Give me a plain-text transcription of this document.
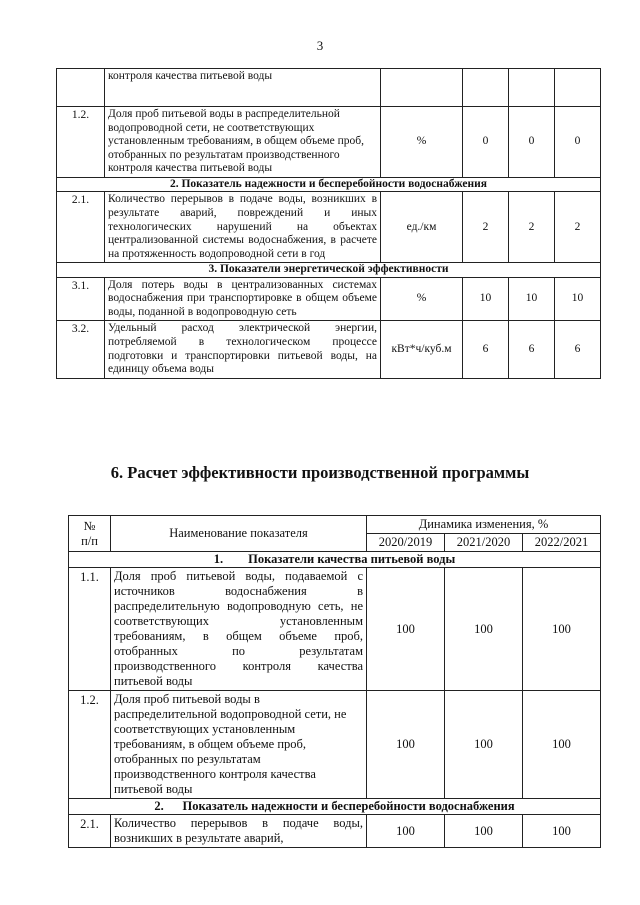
3
	контроля качества питьевой воды				
1.2.	Доля проб питьевой воды в распределительной водопроводной сети, не соответствующих установленным требованиям, в общем объеме проб, отобранных по результатам производственного контроля качества питьевой воды	%	0	0	0
2. Показатель надежности и бесперебойности водоснабжения					
2.1.	Количество перерывов в подаче воды, возникших в результате аварий, повреждений и иных технологических нарушений на объектах централизованной системы водоснабжения, в расчете на протяженность водопроводной сети в год	ед./км	2	2	2
3. Показатели энергетической эффективности					
3.1.	Доля потерь воды в централизованных системах водоснабжения при транспортировке в общем объеме воды, поданной в водопроводную сеть	%	10	10	10
3.2.	Удельный расход электрической энергии, потребляемой в технологическом процессе подготовки и транспортировки питьевой воды, на единицу объема воды	кВт*ч/куб.м	6	6	6
6. Расчет эффективности производственной программы
№
п/п	Наименование показателя	Динамика изменения, %		
		2020/2019	2021/2020	2022/2021
1.        Показатели качества питьевой воды				
1.1.	Доля проб питьевой воды, подаваемой с источников водоснабжения в распределительную водопроводную сеть, не соответствующих установленным требованиям, в общем объеме проб, отобранных по результатам производственного контроля качества питьевой воды	100	100	100
1.2.	Доля проб питьевой воды в распределительной водопроводной сети, не соответствующих установленным требованиям, в общем объеме проб, отобранных по результатам производственного контроля качества питьевой воды	100	100	100
2.      Показатель надежности и бесперебойности водоснабжения				
2.1.	Количество перерывов в подаче воды, возникших в результате аварий,	100	100	100
